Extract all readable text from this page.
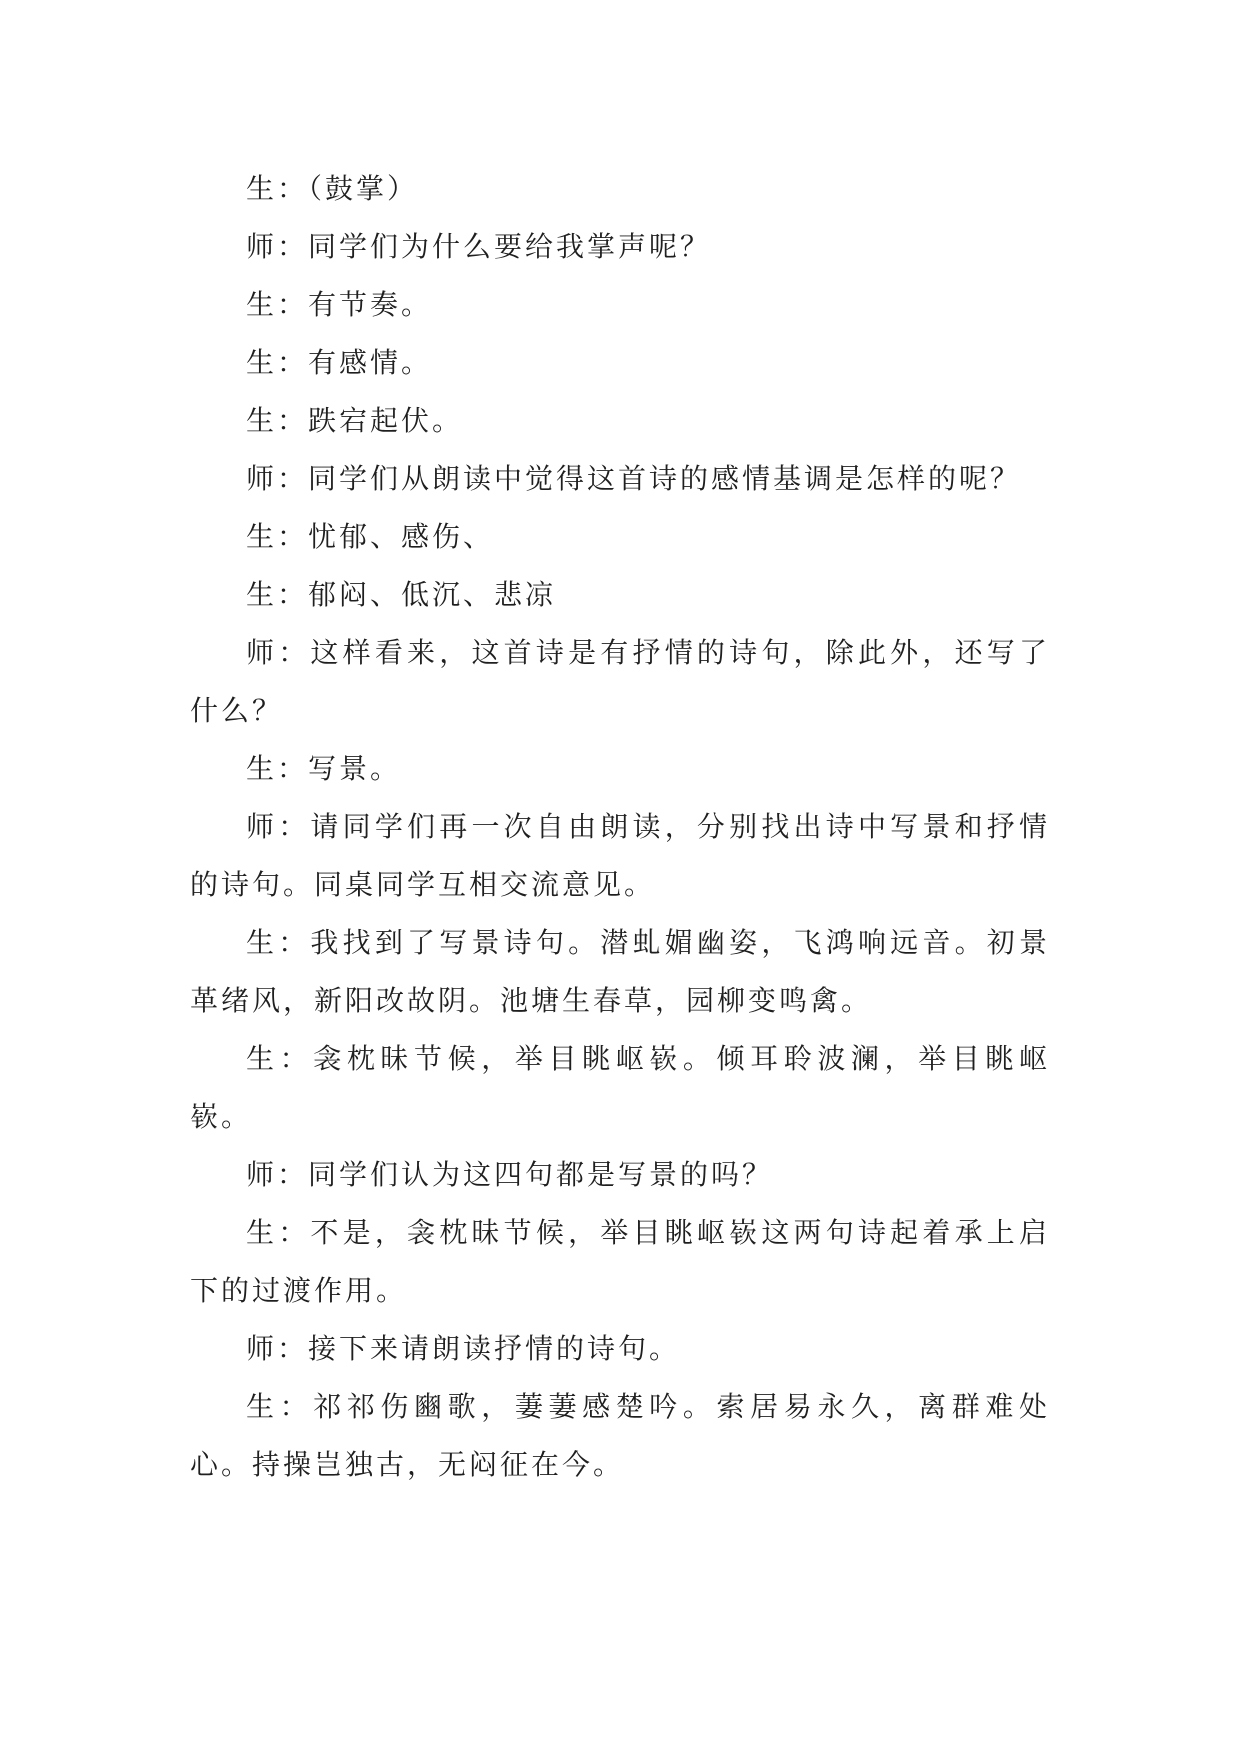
生：（鼓掌）

师：同学们为什么要给我掌声呢？

生：有节奏。

生：有感情。

生：跌宕起伏。

师：同学们从朗读中觉得这首诗的感情基调是怎样的呢？

生：忧郁、感伤、

生：郁闷、低沉、悲凉

师：这样看来，这首诗是有抒情的诗句，除此外，还写了什么？

生：写景。

师：请同学们再一次自由朗读，分别找出诗中写景和抒情的诗句。同桌同学互相交流意见。

生：我找到了写景诗句。潜虬媚幽姿，飞鸿响远音。初景革绪风，新阳改故阴。池塘生春草，园柳变鸣禽。

生：衾枕昧节候，举目眺岖嵚。倾耳聆波澜，举目眺岖嵚。

师：同学们认为这四句都是写景的吗？

生：不是，衾枕昧节候，举目眺岖嵚这两句诗起着承上启下的过渡作用。

师：接下来请朗读抒情的诗句。

生：祁祁伤豳歌，萋萋感楚吟。索居易永久，离群难处心。持操岂独古，无闷征在今。
